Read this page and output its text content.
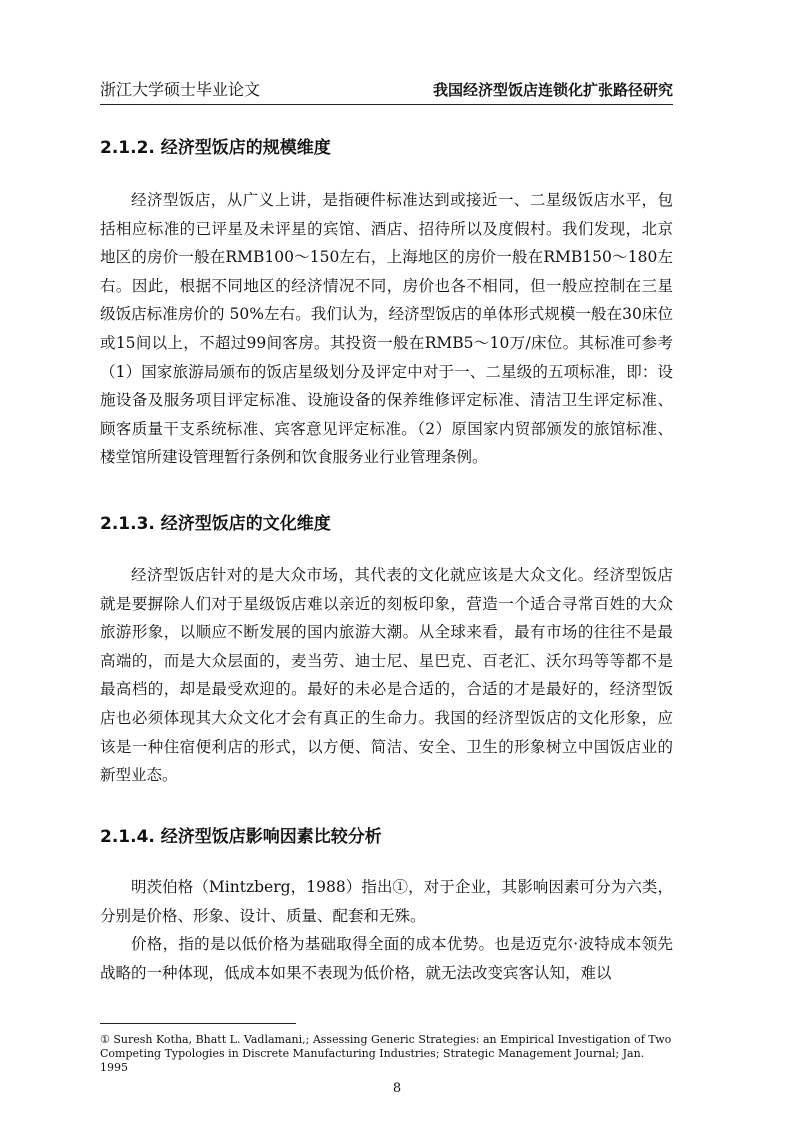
浙江大学硕士毕业论文	我国经济型饭店连锁化扩张路径研究
2.1.2. 经济型饭店的规模维度

经济型饭店，从广义上讲，是指硬件标准达到或接近一、二星级饭店水平，包括相应标准的已评星及未评星的宾馆、酒店、招待所以及度假村。我们发现，北京地区的房价一般在RMB100～150左右，上海地区的房价一般在RMB150～180左右。因此，根据不同地区的经济情况不同，房价也各不相同，但一般应控制在三星级饭店标准房价的 50%左右。我们认为，经济型饭店的单体形式规模一般在30床位或15间以上，不超过99间客房。其投资一般在RMB5～10万/床位。其标准可参考（1）国家旅游局颁布的饭店星级划分及评定中对于一、二星级的五项标准，即：设施设备及服务项目评定标准、设施设备的保养维修评定标准、清洁卫生评定标准、顾客质量干支系统标准、宾客意见评定标准。（2）原国家内贸部颁发的旅馆标准、楼堂馆所建设管理暂行条例和饮食服务业行业管理条例。

2.1.3. 经济型饭店的文化维度

经济型饭店针对的是大众市场，其代表的文化就应该是大众文化。经济型饭店就是要摒除人们对于星级饭店难以亲近的刻板印象，营造一个适合寻常百姓的大众旅游形象，以顺应不断发展的国内旅游大潮。从全球来看，最有市场的往往不是最高端的，而是大众层面的，麦当劳、迪士尼、星巴克、百老汇、沃尔玛等等都不是最高档的，却是最受欢迎的。最好的未必是合适的，合适的才是最好的，经济型饭店也必须体现其大众文化才会有真正的生命力。我国的经济型饭店的文化形象，应该是一种住宿便利店的形式，以方便、简洁、安全、卫生的形象树立中国饭店业的新型业态。

2.1.4. 经济型饭店影响因素比较分析

明茨伯格（Mintzberg，1988）指出①，对于企业，其影响因素可分为六类，分别是价格、形象、设计、质量、配套和无殊。

价格，指的是以低价格为基础取得全面的成本优势。也是迈克尔·波特成本领先战略的一种体现，低成本如果不表现为低价格，就无法改变宾客认知，难以

① Suresh Kotha, Bhatt L. Vadlamani,; Assessing Generic Strategies: an Empirical Investigation of Two Competing Typologies in Discrete Manufacturing Industries; Strategic Management Journal; Jan. 1995

8
